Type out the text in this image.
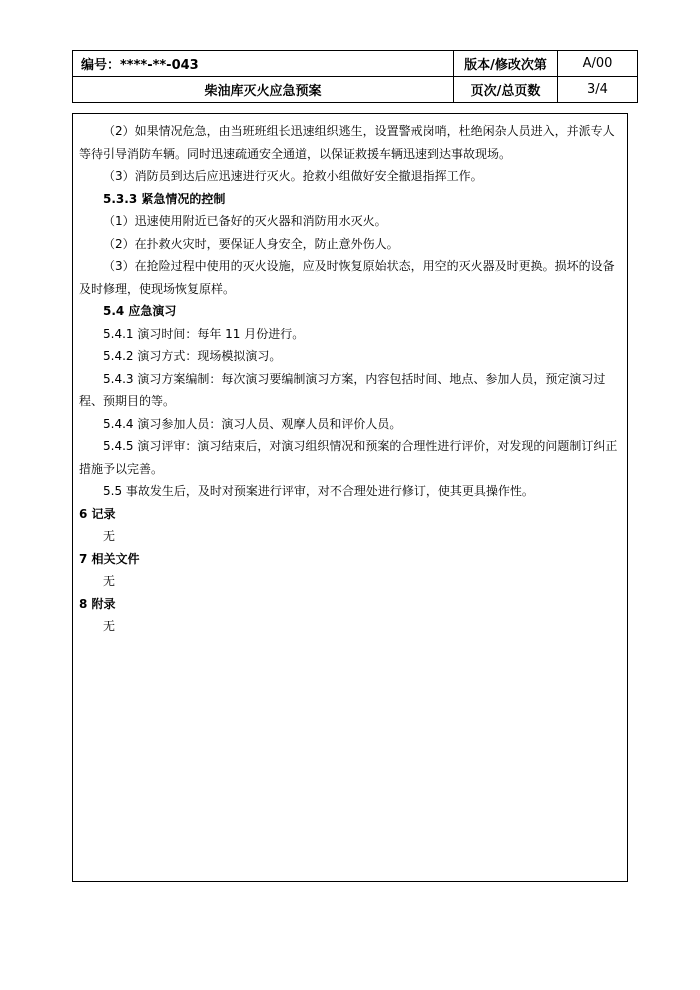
编号：****-**-043	版本/修改次第	A/00
柴油库灭火应急预案	页次/总页数	3/4

（2）如果情况危急，由当班班组长迅速组织逃生，设置警戒岗哨，杜绝闲杂人员进入，并派专人等待引导消防车辆。同时迅速疏通安全通道，以保证救援车辆迅速到达事故现场。

（3）消防员到达后应迅速进行灭火。抢救小组做好安全撤退指挥工作。

5.3.3 紧急情况的控制

（1）迅速使用附近已备好的灭火器和消防用水灭火。

（2）在扑救火灾时，要保证人身安全，防止意外伤人。

（3）在抢险过程中使用的灭火设施，应及时恢复原始状态，用空的灭火器及时更换。损坏的设备及时修理，使现场恢复原样。

5.4 应急演习

5.4.1 演习时间：每年 11 月份进行。

5.4.2 演习方式：现场模拟演习。

5.4.3 演习方案编制：每次演习要编制演习方案，内容包括时间、地点、参加人员，预定演习过程、预期目的等。

5.4.4 演习参加人员：演习人员、观摩人员和评价人员。

5.4.5 演习评审：演习结束后，对演习组织情况和预案的合理性进行评价，对发现的问题制订纠正措施予以完善。

5.5 事故发生后，及时对预案进行评审，对不合理处进行修订，使其更具操作性。

6 记录

无

7 相关文件

无

8 附录

无
